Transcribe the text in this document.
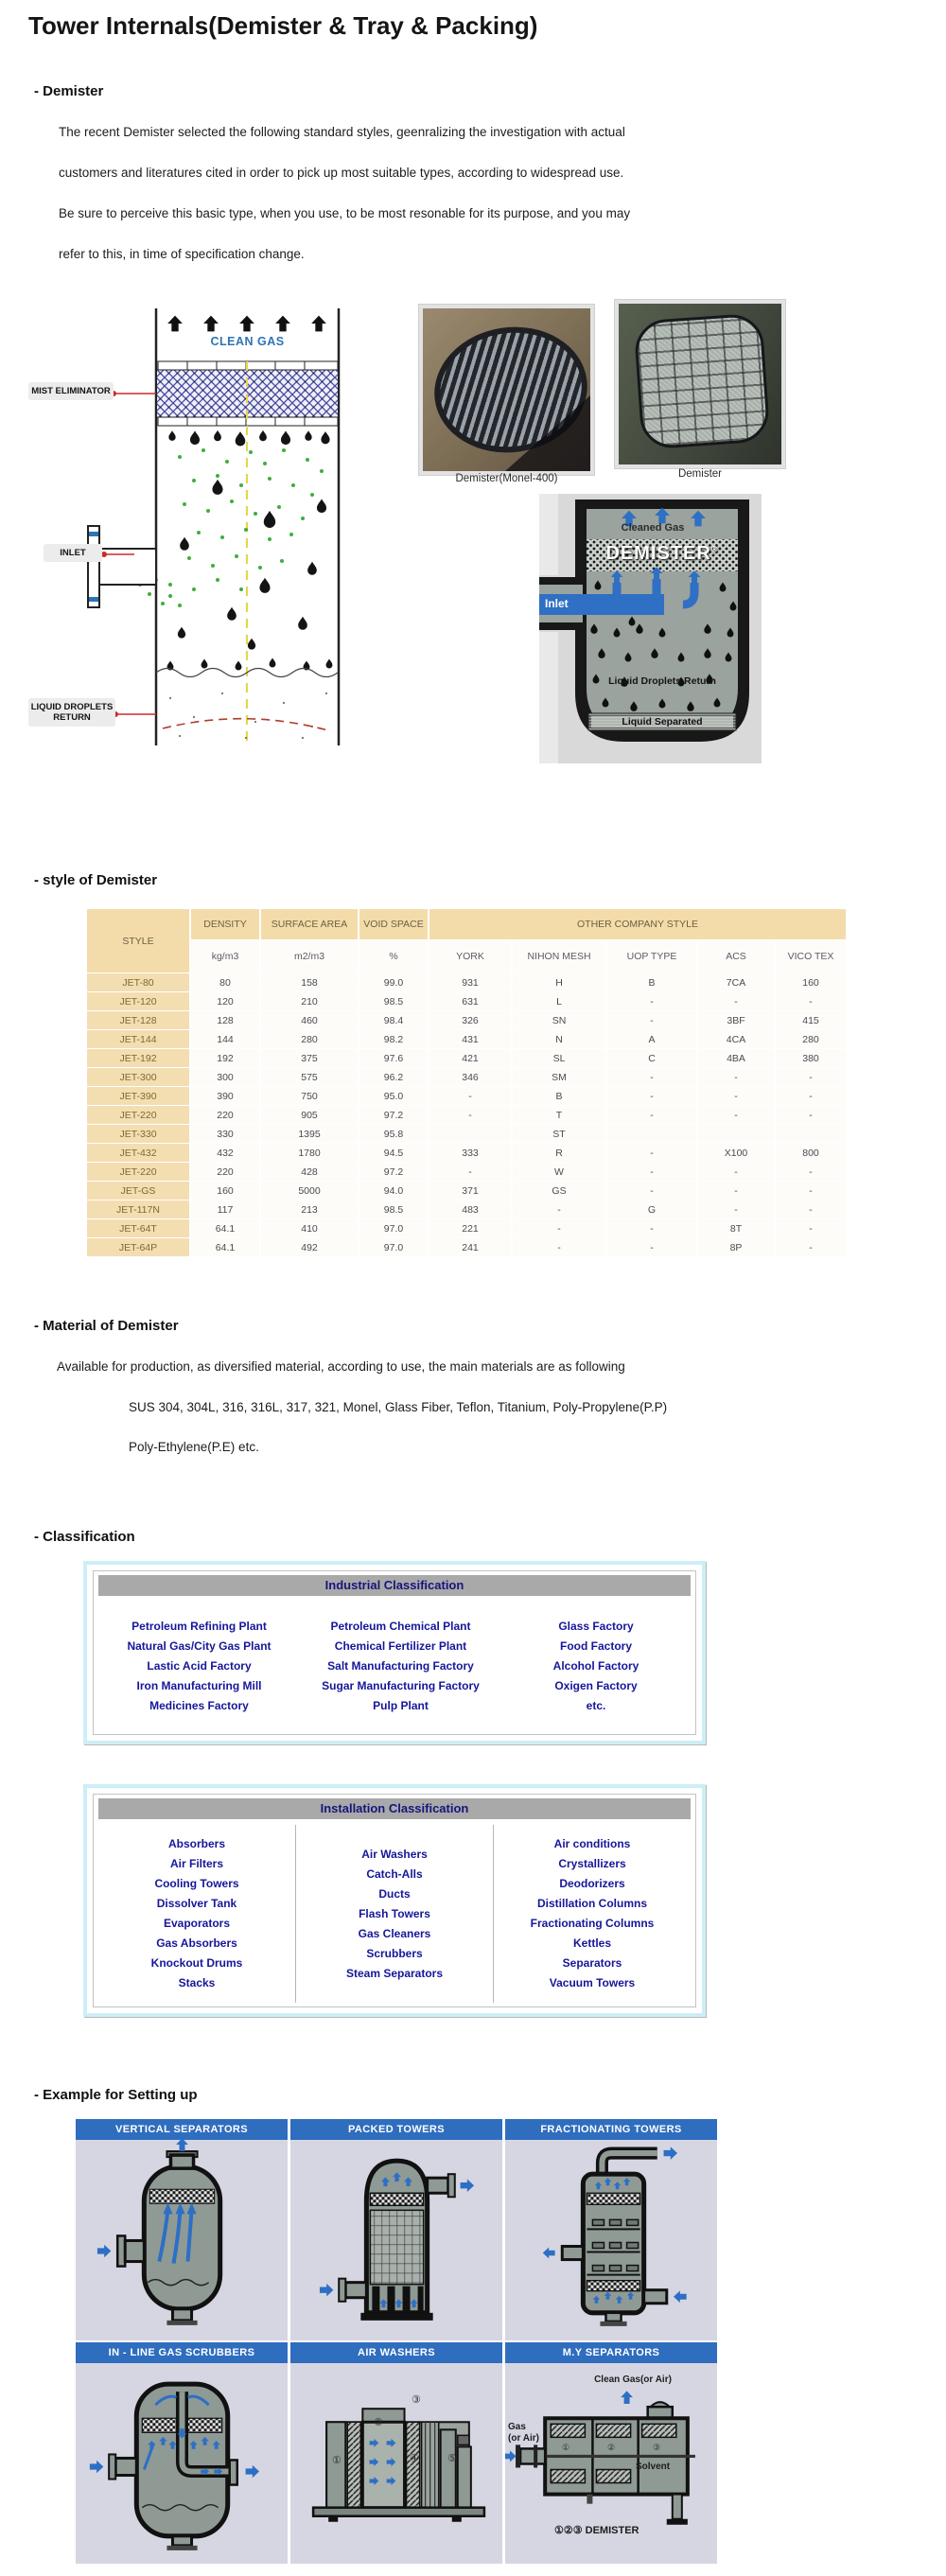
Tower Internals(Demister & Tray & Packing)
- Demister
The recent Demister selected the following standard styles, geenralizing the investigation with actual
customers and literatures cited in order to pick up most suitable types, according to widespread use.
Be sure to perceive this basic type, when you use, to be most resonable for its purpose, and you may
refer to this, in time of specification change.
CLEAN GAS
MIST ELIMINATOR
INLET
LIQUID DROPLETS RETURN
Demister(Monel-400)	Demister
Cleaned Gas
DEMISTER®
Inlet
Liquid Droplets Return
Liquid Separated
- style of Demister
STYLE	DENSITY	SURFACE AREA	VOID SPACE	OTHER COMPANY STYLE				
	kg/m3	m2/m3	%	YORK	NIHON MESH	UOP TYPE	ACS	VICO TEX
JET-80	80	158	99.0	931	H	B	7CA	160
JET-120	120	210	98.5	631	L	-	-	-
JET-128	128	460	98.4	326	SN	-	3BF	415
JET-144	144	280	98.2	431	N	A	4CA	280
JET-192	192	375	97.6	421	SL	C	4BA	380
JET-300	300	575	96.2	346	SM	-	-	-
JET-390	390	750	95.0	-	B	-	-	-
JET-220	220	905	97.2	-	T	-	-	-
JET-330	330	1395	95.8		ST			
JET-432	432	1780	94.5	333	R	-	X100	800
JET-220	220	428	97.2	-	W	-	-	-
JET-GS	160	5000	94.0	371	GS	-	-	-
JET-117N	117	213	98.5	483	-	G	-	-
JET-64T	64.1	410	97.0	221	-	-	8T	-
JET-64P	64.1	492	97.0	241	-	-	8P	-
- Material of Demister
Available for production, as diversified material, according to use, the main materials are as following
SUS 304, 304L, 316, 316L, 317, 321, Monel, Glass Fiber, Teflon, Titanium, Poly-Propylene(P.P)
Poly-Ethylene(P.E) etc.
- Classification
Industrial Classification
Petroleum Refining Plant
Natural Gas/City Gas Plant
Lastic Acid Factory
Iron Manufacturing Mill
Medicines Factory
Petroleum Chemical Plant
Chemical Fertilizer Plant
Salt Manufacturing Factory
Sugar Manufacturing Factory
Pulp Plant
Glass Factory
Food Factory
Alcohol Factory
Oxigen Factory
etc.
Installation Classification
Absorbers
Air Filters
Cooling Towers
Dissolver Tank
Evaporators
Gas Absorbers
Knockout Drums
Stacks
Air Washers
Catch-Alls
Ducts
Flash Towers
Gas Cleaners
Scrubbers
Steam Separators
Air conditions
Crystallizers
Deodorizers
Distillation Columns
Fractionating Columns
Kettles
Separators
Vacuum Towers
- Example for Setting up
VERTICAL SEPARATORS	PACKED TOWERS	FRACTIONATING TOWERS
IN - LINE GAS SCRUBBERS	AIR WASHERS
①
②
③
④	⑤
M.Y SEPARATORS
Clean Gas(or Air)
Gas
(or Air)
①	②	③
Solvent
①②③ DEMISTER
